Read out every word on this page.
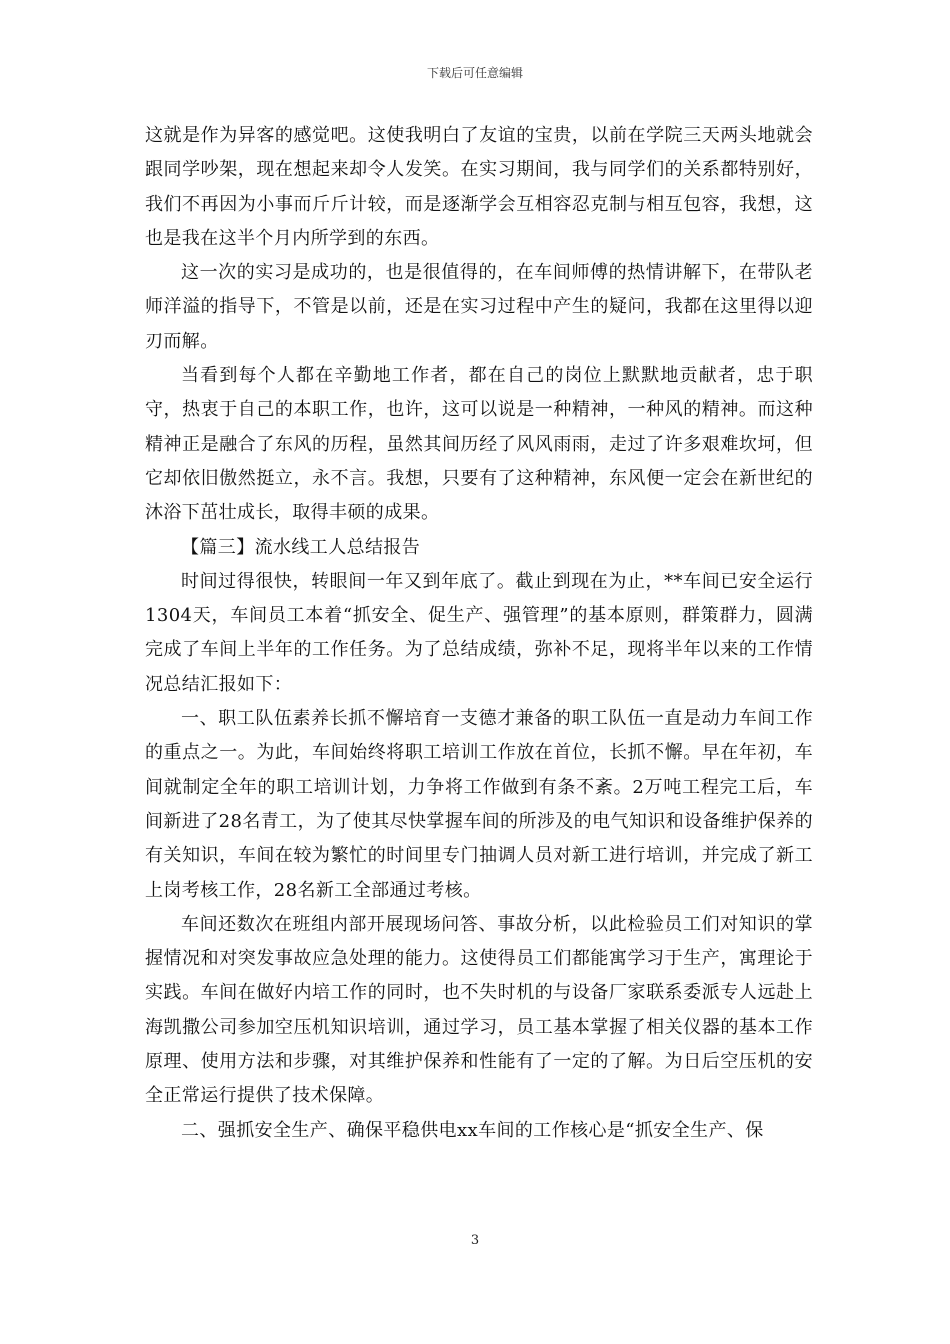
下载后可任意编辑

这就是作为异客的感觉吧。这使我明白了友谊的宝贵，以前在学院三天两头地就会跟同学吵架，现在想起来却令人发笑。在实习期间，我与同学们的关系都特别好，我们不再因为小事而斤斤计较，而是逐渐学会互相容忍克制与相互包容，我想，这也是我在这半个月内所学到的东西。

这一次的实习是成功的，也是很值得的，在车间师傅的热情讲解下，在带队老师洋溢的指导下，不管是以前，还是在实习过程中产生的疑问，我都在这里得以迎刃而解。

当看到每个人都在辛勤地工作者，都在自己的岗位上默默地贡献者，忠于职守，热衷于自己的本职工作，也许，这可以说是一种精神，一种风的精神。而这种精神正是融合了东风的历程，虽然其间历经了风风雨雨，走过了许多艰难坎坷，但它却依旧傲然挺立，永不言。我想，只要有了这种精神，东风便一定会在新世纪的沐浴下茁壮成长，取得丰硕的成果。

【篇三】流水线工人总结报告

时间过得很快，转眼间一年又到年底了。截止到现在为止，**车间已安全运行1304天，车间员工本着“抓安全、促生产、强管理”的基本原则，群策群力，圆满完成了车间上半年的工作任务。为了总结成绩，弥补不足，现将半年以来的工作情况总结汇报如下：

一、职工队伍素养长抓不懈培育一支德才兼备的职工队伍一直是动力车间工作的重点之一。为此，车间始终将职工培训工作放在首位，长抓不懈。早在年初，车间就制定全年的职工培训计划，力争将工作做到有条不紊。2万吨工程完工后，车间新进了28名青工，为了使其尽快掌握车间的所涉及的电气知识和设备维护保养的有关知识，车间在较为繁忙的时间里专门抽调人员对新工进行培训，并完成了新工上岗考核工作，28名新工全部通过考核。

车间还数次在班组内部开展现场问答、事故分析，以此检验员工们对知识的掌握情况和对突发事故应急处理的能力。这使得员工们都能寓学习于生产，寓理论于实践。车间在做好内培工作的同时，也不失时机的与设备厂家联系委派专人远赴上海凯撒公司参加空压机知识培训，通过学习，员工基本掌握了相关仪器的基本工作原理、使用方法和步骤，对其维护保养和性能有了一定的了解。为日后空压机的安全正常运行提供了技术保障。

二、强抓安全生产、确保平稳供电xx车间的工作核心是“抓安全生产、保

3
